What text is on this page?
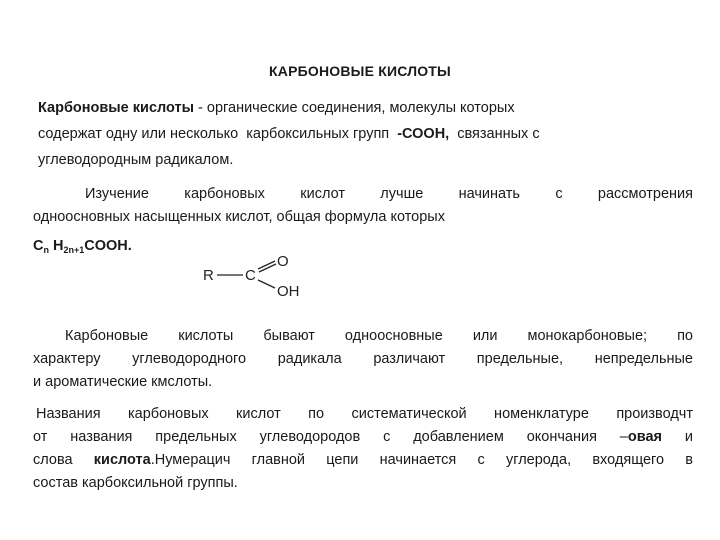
КАРБОНОВЫЕ КИСЛОТЫ
Карбоновые кислоты - органические соединения, молекулы которых
содержат одну или несколько  карбоксильных групп  -СООН,  связанных с
углеводородным радикалом.
Изучение карбоновых кислот лучше начинать с рассмотрения
одноосновных насыщенных кислот, общая формула которых
$C_n$ $H_{2n+1}COOH$.
R C
O
OH
Карбоновые кислоты бывают одноосновные или монокарбоновые; по
характеру углеводородного радикала различают предельные, непредельные
и ароматические кмслоты.
Названия карбоновых кислот по систематической номенклатуре производчт
от названия предельных углеводородов с добавлением окончания –овая и
слова кислота.Нумерацич главной цепи начинается с углерода, входящего в
состав карбоксильной группы.
